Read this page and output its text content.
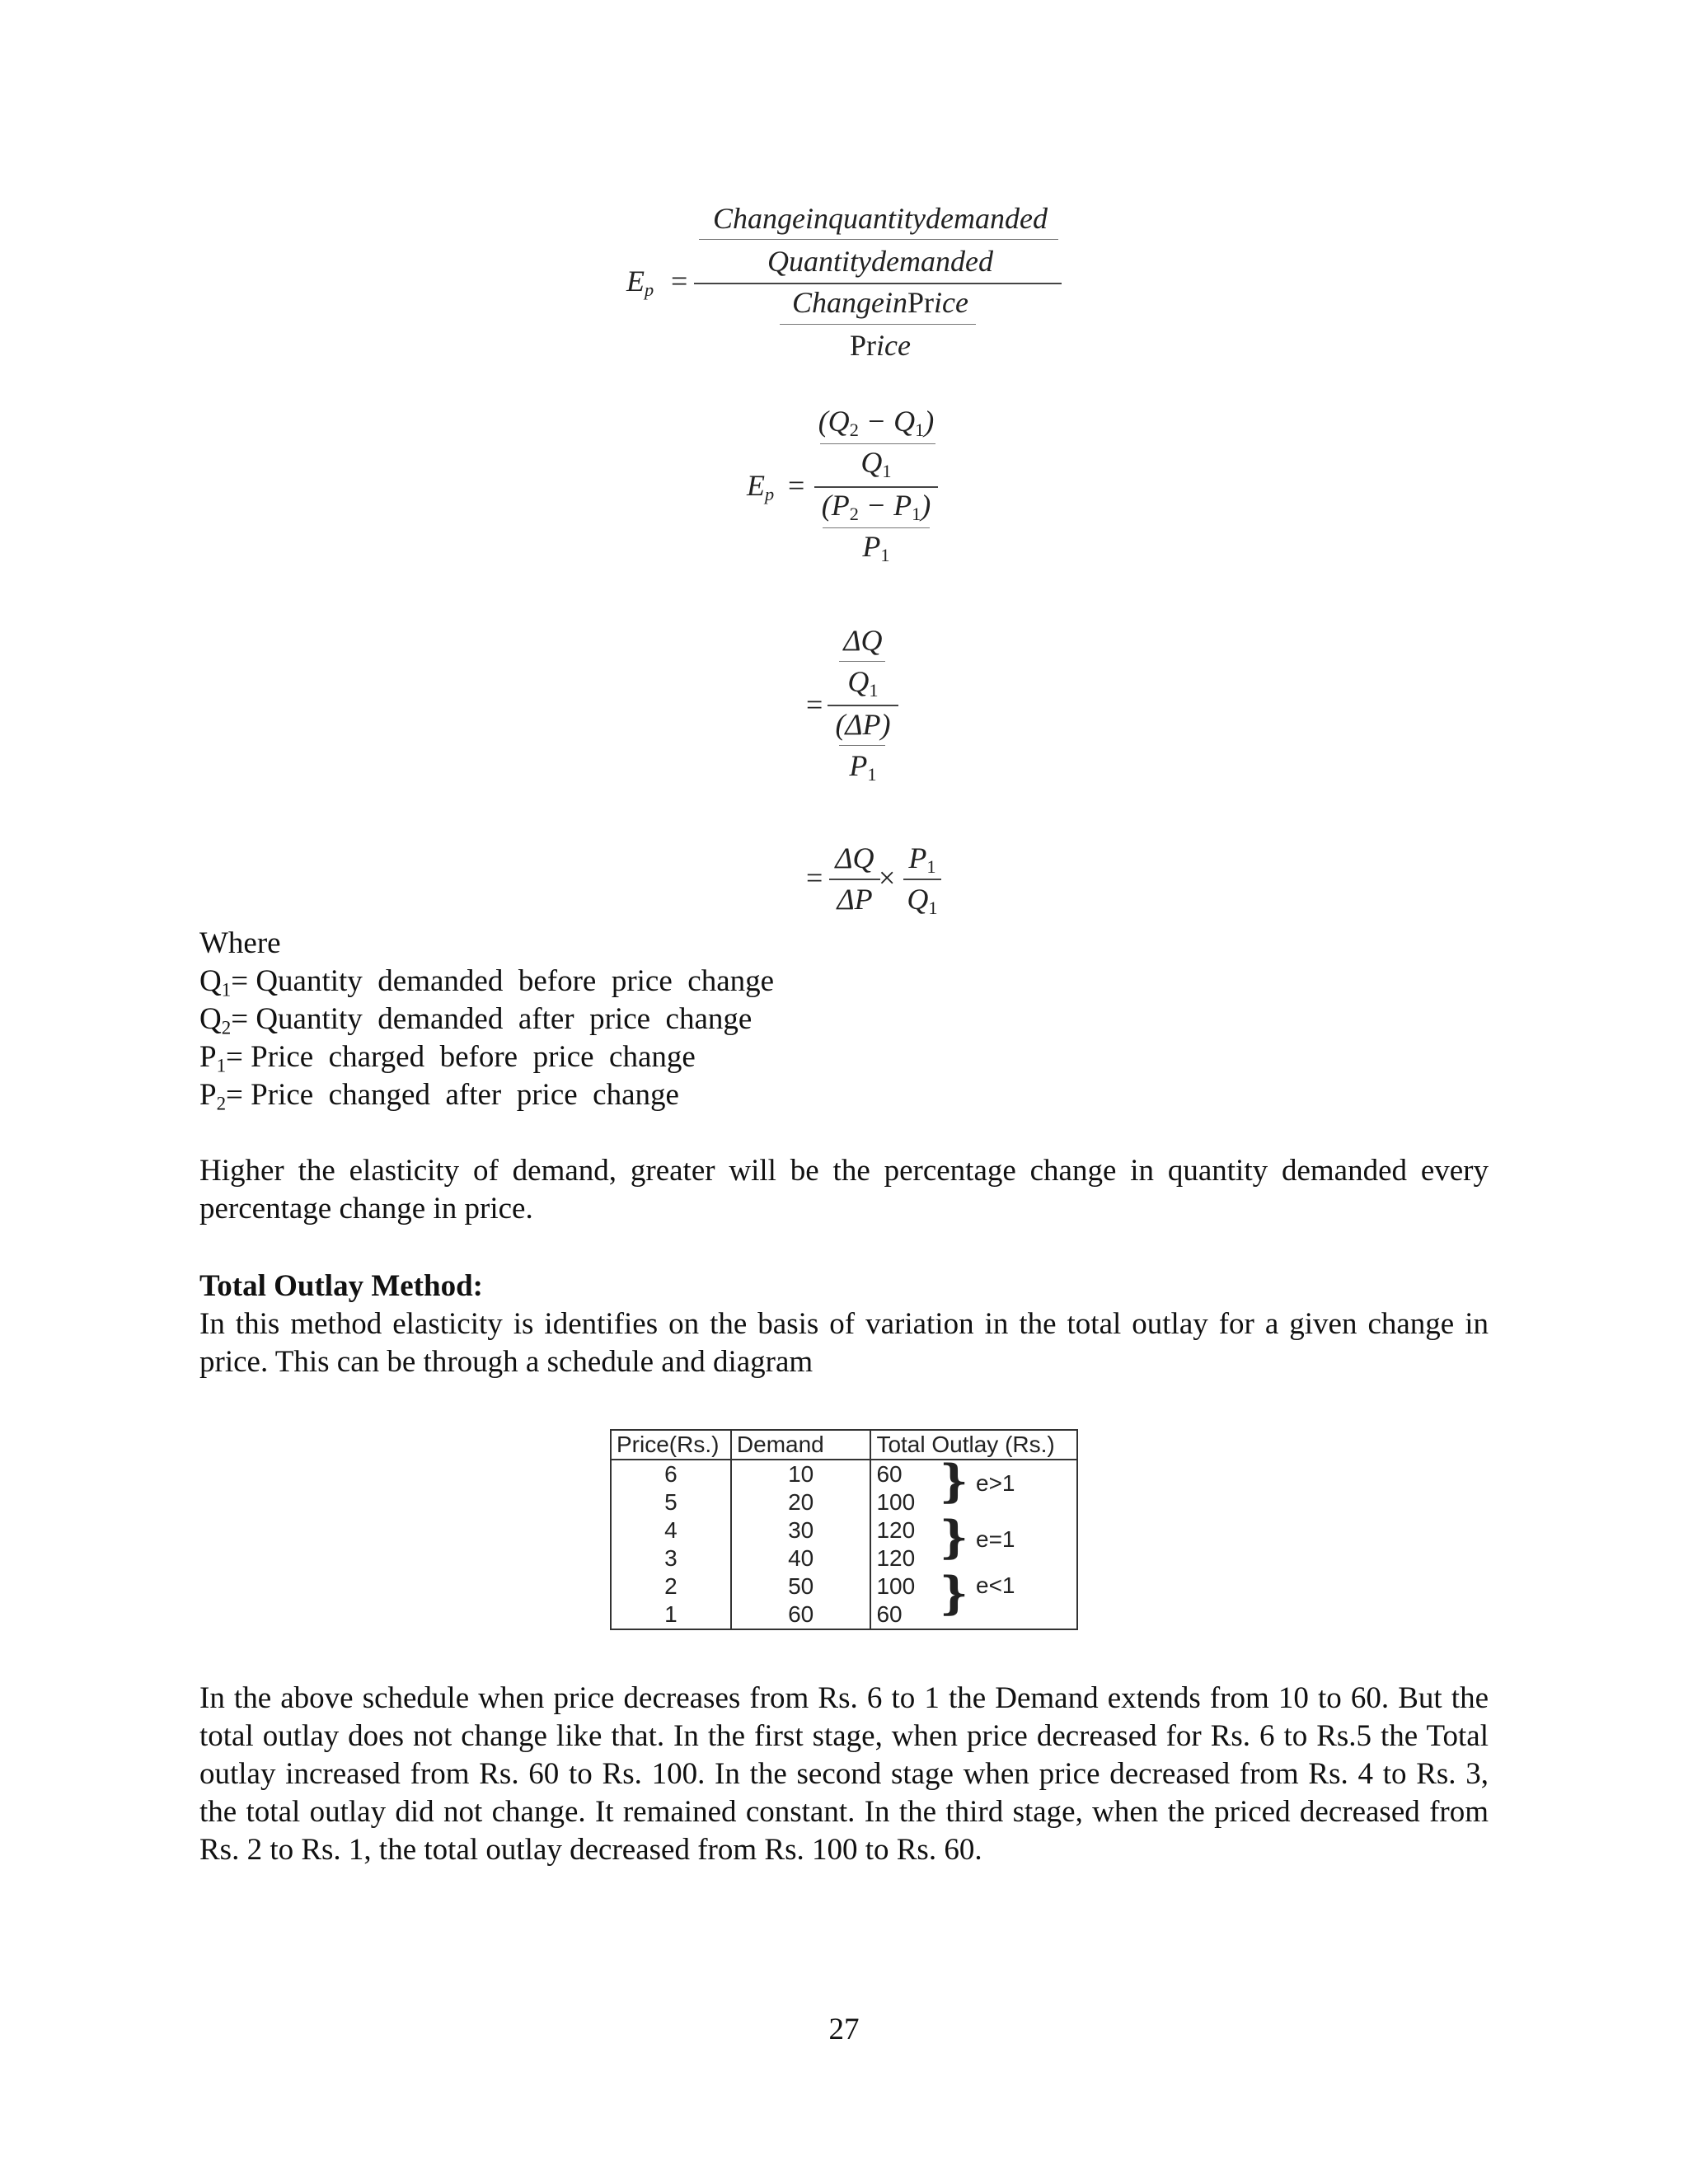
$E_p$ =
Changeinquantitydemanded
Quantitydemanded
ChangeinPrice
Price
$E_p$ =
$(Q_2 - Q_1)$
$Q_1$
$(P_2 - P_1)$
$P_1$
=
ΔQ
$Q_1$
(ΔP)
$P_1$
=
ΔQ
ΔP
×
$P_1$
$Q_1$
Where
$Q_1=$ Quantity  demanded  before  price  change
$Q_2=$ Quantity  demanded  after  price  change
$P_1=$ Price  charged  before  price  change
$P_2=$ Price  changed  after  price  change
Higher the elasticity of demand, greater will be the percentage change in quantity demanded every percentage change in price.
Total Outlay Method:
In this method elasticity is identifies on the basis of variation in the total outlay for a given change in price. This can be through a schedule and diagram
Price(Rs.)	Demand	Total Outlay (Rs.)
6	10	60
5	20	100
4	30	120
3	40	120
2	50	100
1	60	60
} e>1
} e=1
} e<1
In the above schedule when price decreases from Rs. 6 to 1 the Demand extends from 10 to 60. But the total outlay does not change like that. In the first stage, when price decreased for Rs. 6 to Rs.5 the Total outlay increased from Rs. 60 to Rs. 100. In the second stage when price decreased from Rs. 4 to Rs. 3, the total outlay did not change. It remained constant. In the third stage, when the priced decreased from Rs. 2 to Rs. 1, the total outlay decreased from Rs. 100 to Rs. 60.
27
